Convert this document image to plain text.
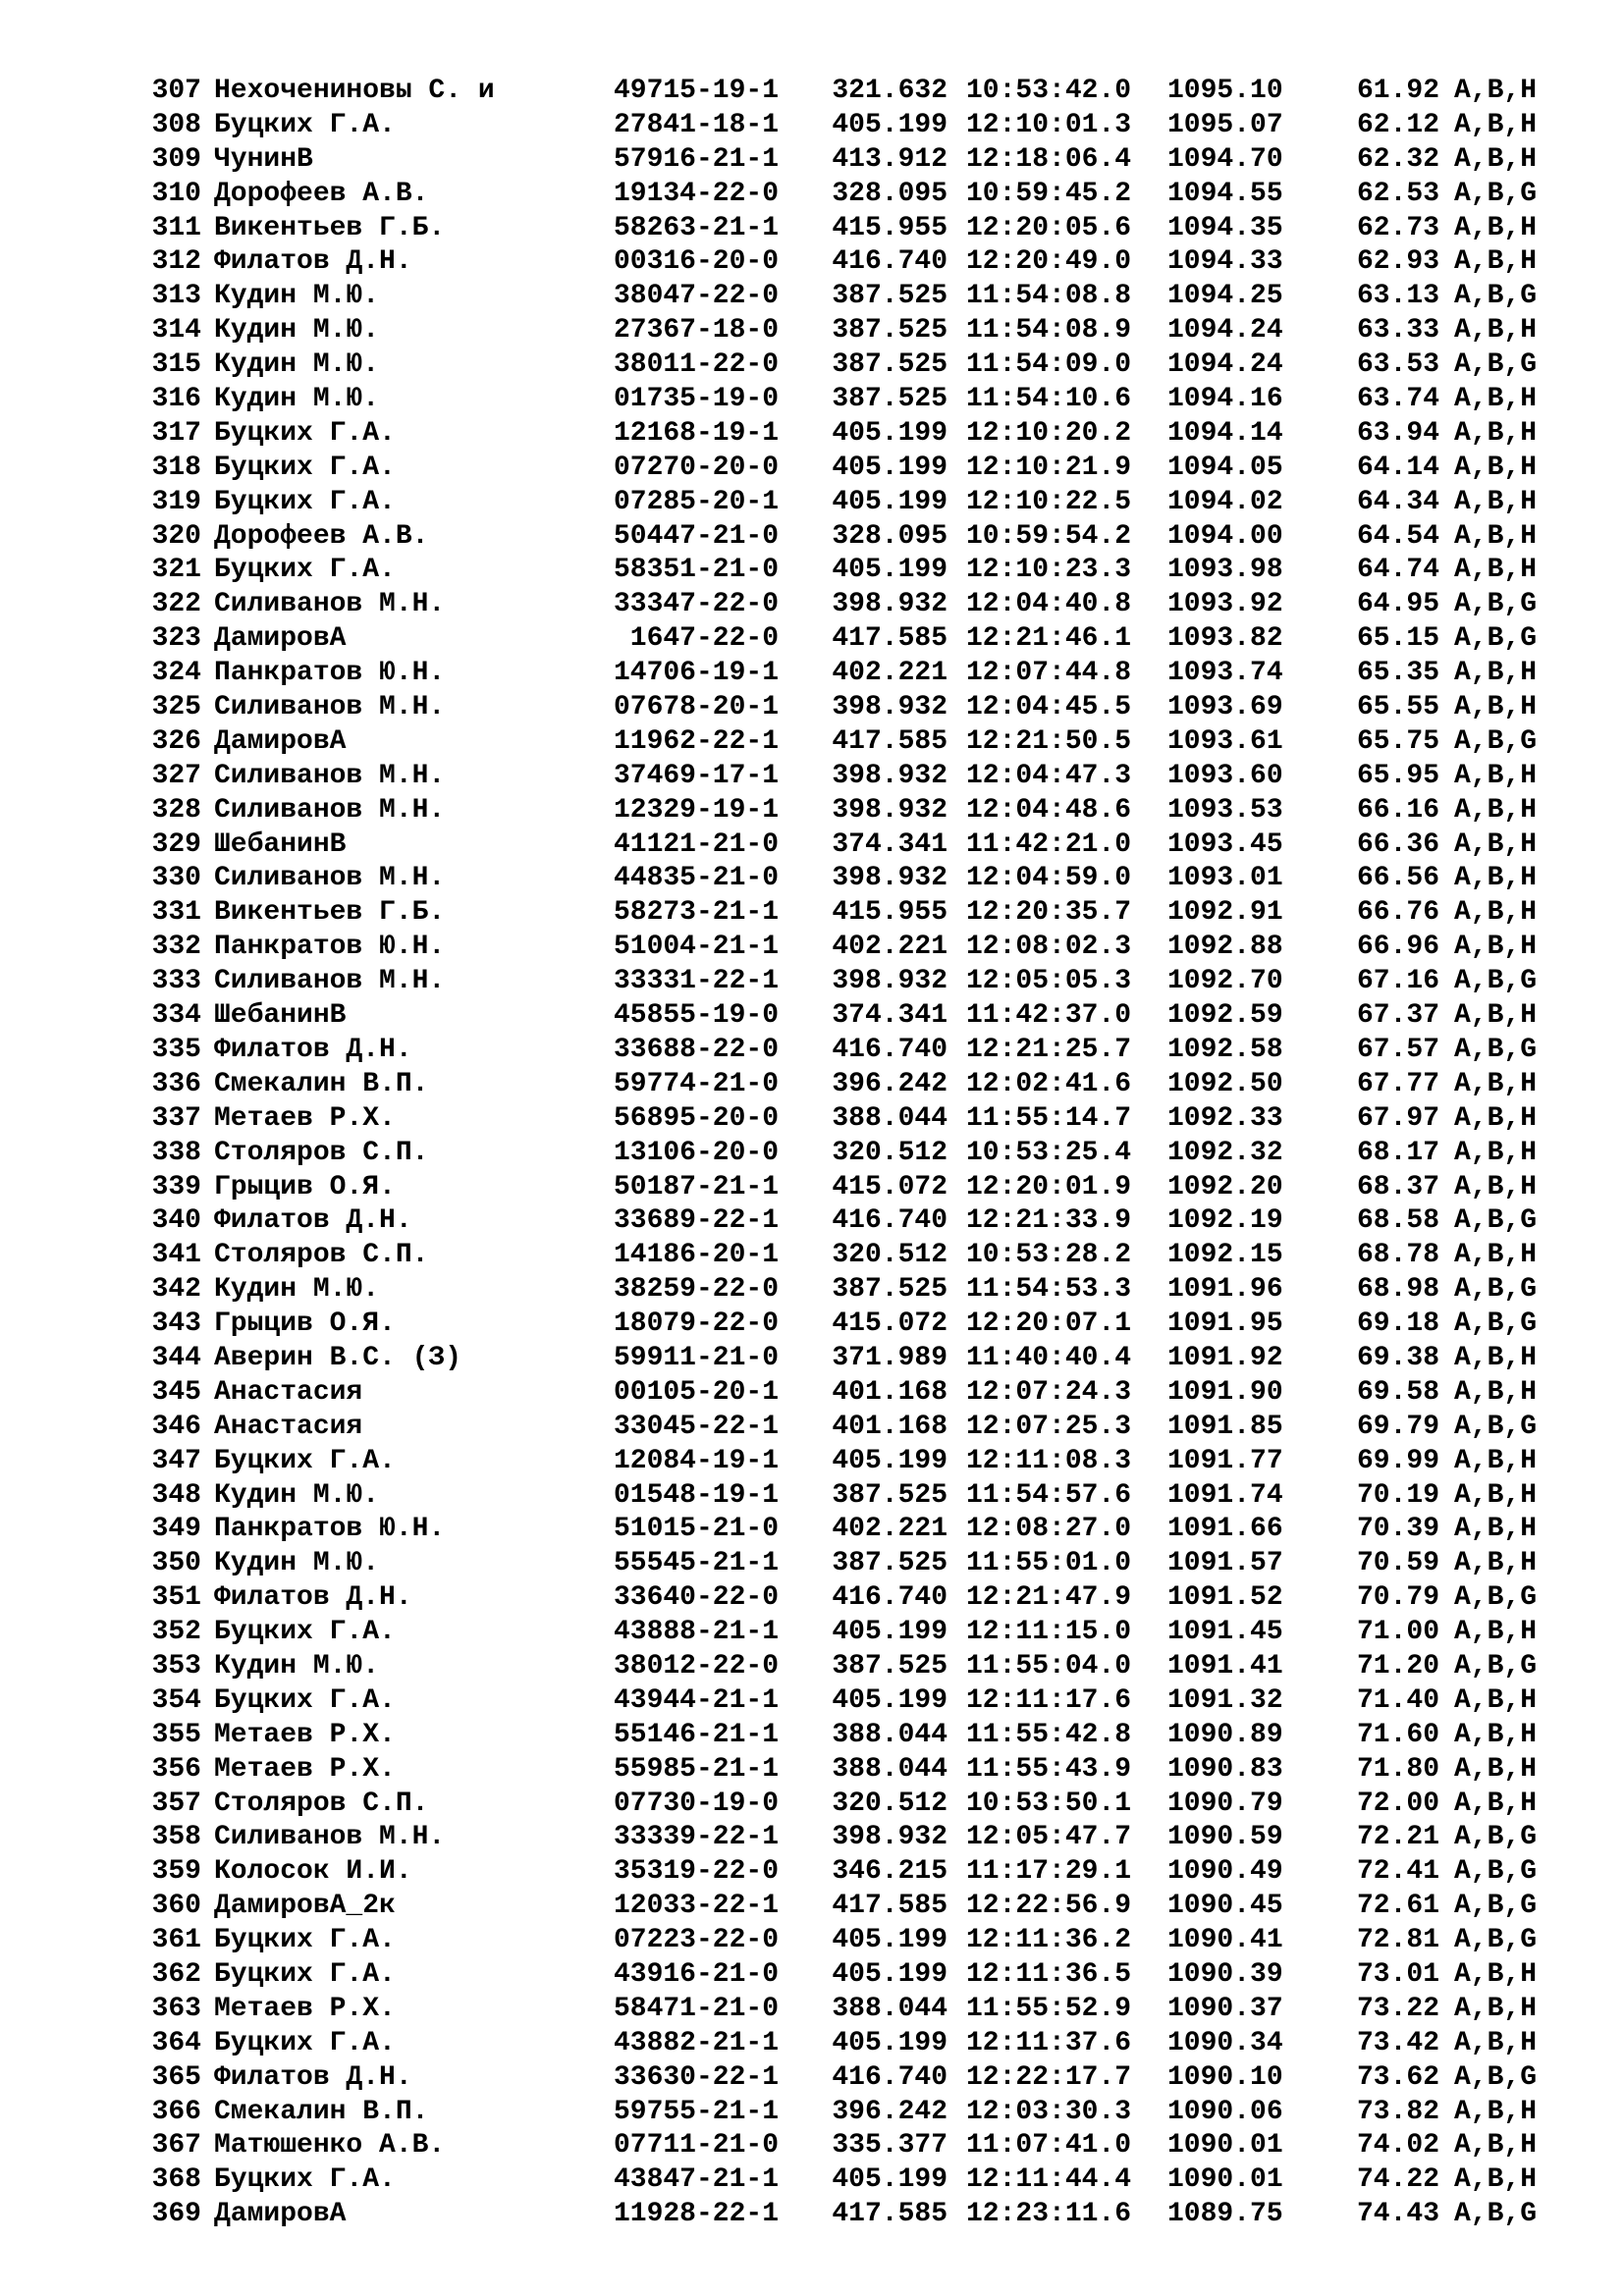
307 Нехочениновы С. и	49715-19-1 321.632 10:53:42.0 1095.10	61.92 A,B,H
308 Буцких Г.А.	27841-18-1 405.199 12:10:01.3 1095.07	62.12 A,B,H
309 ЧунинВ	57916-21-1 413.912 12:18:06.4 1094.70	62.32 A,B,H
310 Дорофеев А.В.	19134-22-0 328.095 10:59:45.2 1094.55	62.53 A,B,G
311 Викентьев Г.Б.	58263-21-1 415.955 12:20:05.6 1094.35	62.73 A,B,H
312 Филатов Д.Н.	00316-20-0 416.740 12:20:49.0 1094.33	62.93 A,B,H
313 Кудин М.Ю.	38047-22-0 387.525 11:54:08.8 1094.25	63.13 A,B,G
314 Кудин М.Ю.	27367-18-0 387.525 11:54:08.9 1094.24	63.33 A,B,H
315 Кудин М.Ю.	38011-22-0 387.525 11:54:09.0 1094.24	63.53 A,B,G
316 Кудин М.Ю.	01735-19-0 387.525 11:54:10.6 1094.16	63.74 A,B,H
317 Буцких Г.А.	12168-19-1 405.199 12:10:20.2 1094.14	63.94 A,B,H
318 Буцких Г.А.	07270-20-0 405.199 12:10:21.9 1094.05	64.14 A,B,H
319 Буцких Г.А.	07285-20-1 405.199 12:10:22.5 1094.02	64.34 A,B,H
320 Дорофеев А.В.	50447-21-0 328.095 10:59:54.2 1094.00	64.54 A,B,H
321 Буцких Г.А.	58351-21-0 405.199 12:10:23.3 1093.98	64.74 A,B,H
322 Силиванов М.Н.	33347-22-0 398.932 12:04:40.8 1093.92	64.95 A,B,G
323 ДамировА	1647-22-0 417.585 12:21:46.1 1093.82	65.15 A,B,G
324 Панкратов Ю.Н.	14706-19-1 402.221 12:07:44.8 1093.74	65.35 A,B,H
325 Силиванов М.Н.	07678-20-1 398.932 12:04:45.5 1093.69	65.55 A,B,H
326 ДамировА	11962-22-1 417.585 12:21:50.5 1093.61	65.75 A,B,G
327 Силиванов М.Н.	37469-17-1 398.932 12:04:47.3 1093.60	65.95 A,B,H
328 Силиванов М.Н.	12329-19-1 398.932 12:04:48.6 1093.53	66.16 A,B,H
329 ШебанинВ	41121-21-0 374.341 11:42:21.0 1093.45	66.36 A,B,H
330 Силиванов М.Н.	44835-21-0 398.932 12:04:59.0 1093.01	66.56 A,B,H
331 Викентьев Г.Б.	58273-21-1 415.955 12:20:35.7 1092.91	66.76 A,B,H
332 Панкратов Ю.Н.	51004-21-1 402.221 12:08:02.3 1092.88	66.96 A,B,H
333 Силиванов М.Н.	33331-22-1 398.932 12:05:05.3 1092.70	67.16 A,B,G
334 ШебанинВ	45855-19-0 374.341 11:42:37.0 1092.59	67.37 A,B,H
335 Филатов Д.Н.	33688-22-0 416.740 12:21:25.7 1092.58	67.57 A,B,G
336 Смекалин В.П.	59774-21-0 396.242 12:02:41.6 1092.50	67.77 A,B,H
337 Метаев Р.Х.	56895-20-0 388.044 11:55:14.7 1092.33	67.97 A,B,H
338 Столяров С.П.	13106-20-0 320.512 10:53:25.4 1092.32	68.17 A,B,H
339 Грыцив О.Я.	50187-21-1 415.072 12:20:01.9 1092.20	68.37 A,B,H
340 Филатов Д.Н.	33689-22-1 416.740 12:21:33.9 1092.19	68.58 A,B,G
341 Столяров С.П.	14186-20-1 320.512 10:53:28.2 1092.15	68.78 A,B,H
342 Кудин М.Ю.	38259-22-0 387.525 11:54:53.3 1091.96	68.98 A,B,G
343 Грыцив О.Я.	18079-22-0 415.072 12:20:07.1 1091.95	69.18 A,B,G
344 Аверин В.С. (З)	59911-21-0 371.989 11:40:40.4 1091.92	69.38 A,B,H
345 Анастасия	00105-20-1 401.168 12:07:24.3 1091.90	69.58 A,B,H
346 Анастасия	33045-22-1 401.168 12:07:25.3 1091.85	69.79 A,B,G
347 Буцких Г.А.	12084-19-1 405.199 12:11:08.3 1091.77	69.99 A,B,H
348 Кудин М.Ю.	01548-19-1 387.525 11:54:57.6 1091.74	70.19 A,B,H
349 Панкратов Ю.Н.	51015-21-0 402.221 12:08:27.0 1091.66	70.39 A,B,H
350 Кудин М.Ю.	55545-21-1 387.525 11:55:01.0 1091.57	70.59 A,B,H
351 Филатов Д.Н.	33640-22-0 416.740 12:21:47.9 1091.52	70.79 A,B,G
352 Буцких Г.А.	43888-21-1 405.199 12:11:15.0 1091.45	71.00 A,B,H
353 Кудин М.Ю.	38012-22-0 387.525 11:55:04.0 1091.41	71.20 A,B,G
354 Буцких Г.А.	43944-21-1 405.199 12:11:17.6 1091.32	71.40 A,B,H
355 Метаев Р.Х.	55146-21-1 388.044 11:55:42.8 1090.89	71.60 A,B,H
356 Метаев Р.Х.	55985-21-1 388.044 11:55:43.9 1090.83	71.80 A,B,H
357 Столяров С.П.	07730-19-0 320.512 10:53:50.1 1090.79	72.00 A,B,H
358 Силиванов М.Н.	33339-22-1 398.932 12:05:47.7 1090.59	72.21 A,B,G
359 Колосок И.И.	35319-22-0 346.215 11:17:29.1 1090.49	72.41 A,B,G
360 ДамировА_2к	12033-22-1 417.585 12:22:56.9 1090.45	72.61 A,B,G
361 Буцких Г.А.	07223-22-0 405.199 12:11:36.2 1090.41	72.81 A,B,G
362 Буцких Г.А.	43916-21-0 405.199 12:11:36.5 1090.39	73.01 A,B,H
363 Метаев Р.Х.	58471-21-0 388.044 11:55:52.9 1090.37	73.22 A,B,H
364 Буцких Г.А.	43882-21-1 405.199 12:11:37.6 1090.34	73.42 A,B,H
365 Филатов Д.Н.	33630-22-1 416.740 12:22:17.7 1090.10	73.62 A,B,G
366 Смекалин В.П.	59755-21-1 396.242 12:03:30.3 1090.06	73.82 A,B,H
367 Матюшенко А.В.	07711-21-0 335.377 11:07:41.0 1090.01	74.02 A,B,H
368 Буцких Г.А.	43847-21-1 405.199 12:11:44.4 1090.01	74.22 A,B,H
369 ДамировА	11928-22-1 417.585 12:23:11.6 1089.75	74.43 A,B,G
